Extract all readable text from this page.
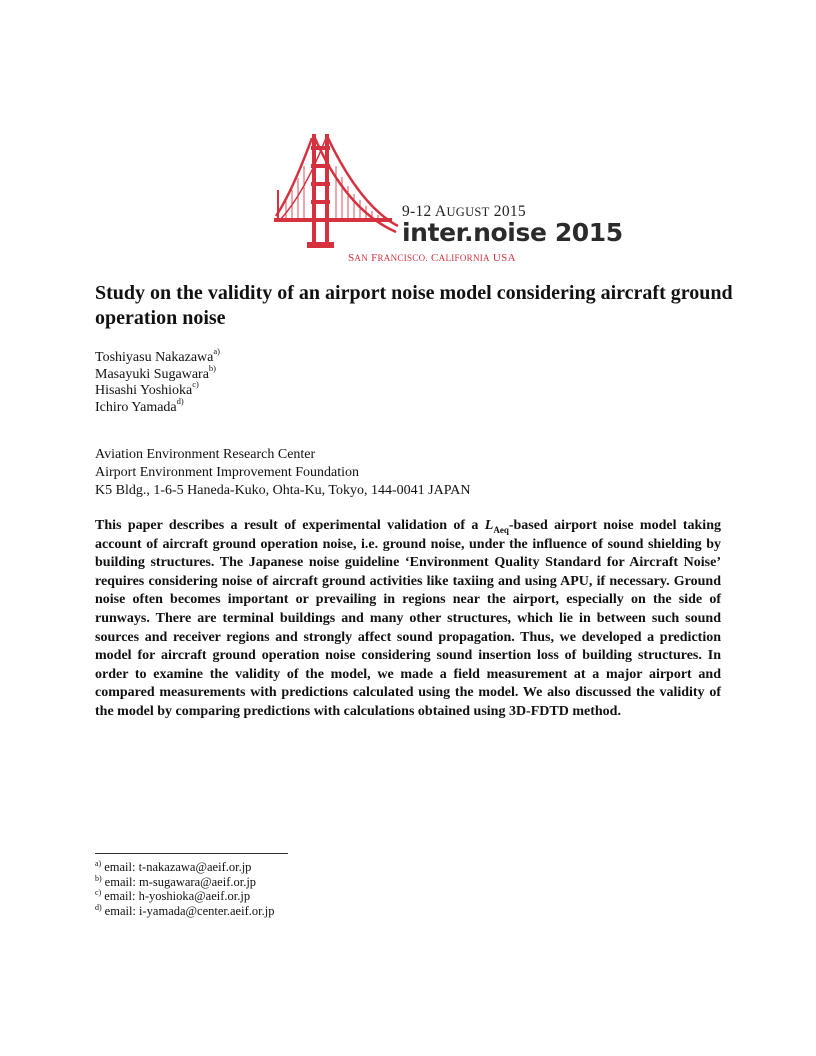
9-12 AUGUST 2015
inter.noise 2015
SAN FRANCISCO. CALIFORNIA USA
Study on the validity of an airport noise model considering aircraft ground operation noise
Toshiyasu Nakazawa$^{a)}$
Masayuki Sugawara$^{b)}$
Hisashi Yoshioka$^{c)}$
Ichiro Yamada$^{d)}$
Aviation Environment Research Center
Airport Environment Improvement Foundation
K5 Bldg., 1-6-5 Haneda-Kuko, Ohta-Ku, Tokyo, 144-0041 JAPAN

This paper describes a result of experimental validation of a $L_{Aeq}$-based airport noise model taking account of aircraft ground operation noise, i.e. ground noise, under the influence of sound shielding by building structures. The Japanese noise guideline ‘Environment Quality Standard for Aircraft Noise’ requires considering noise of aircraft ground activities like taxiing and using APU, if necessary. Ground noise often becomes important or prevailing in regions near the airport, especially on the side of runways. There are terminal buildings and many other structures, which lie in between such sound sources and receiver regions and strongly affect sound propagation. Thus, we developed a prediction model for aircraft ground operation noise considering sound insertion loss of building structures. In order to examine the validity of the model, we made a field measurement at a major airport and compared measurements with predictions calculated using the model. We also discussed the validity of the model by comparing predictions with calculations obtained using 3D-FDTD method.

$^{a)}$ email: t-nakazawa@aeif.or.jp
$^{b)}$ email: m-sugawara@aeif.or.jp
$^{c)}$ email: h-yoshioka@aeif.or.jp
$^{d)}$ email: i-yamada@center.aeif.or.jp
